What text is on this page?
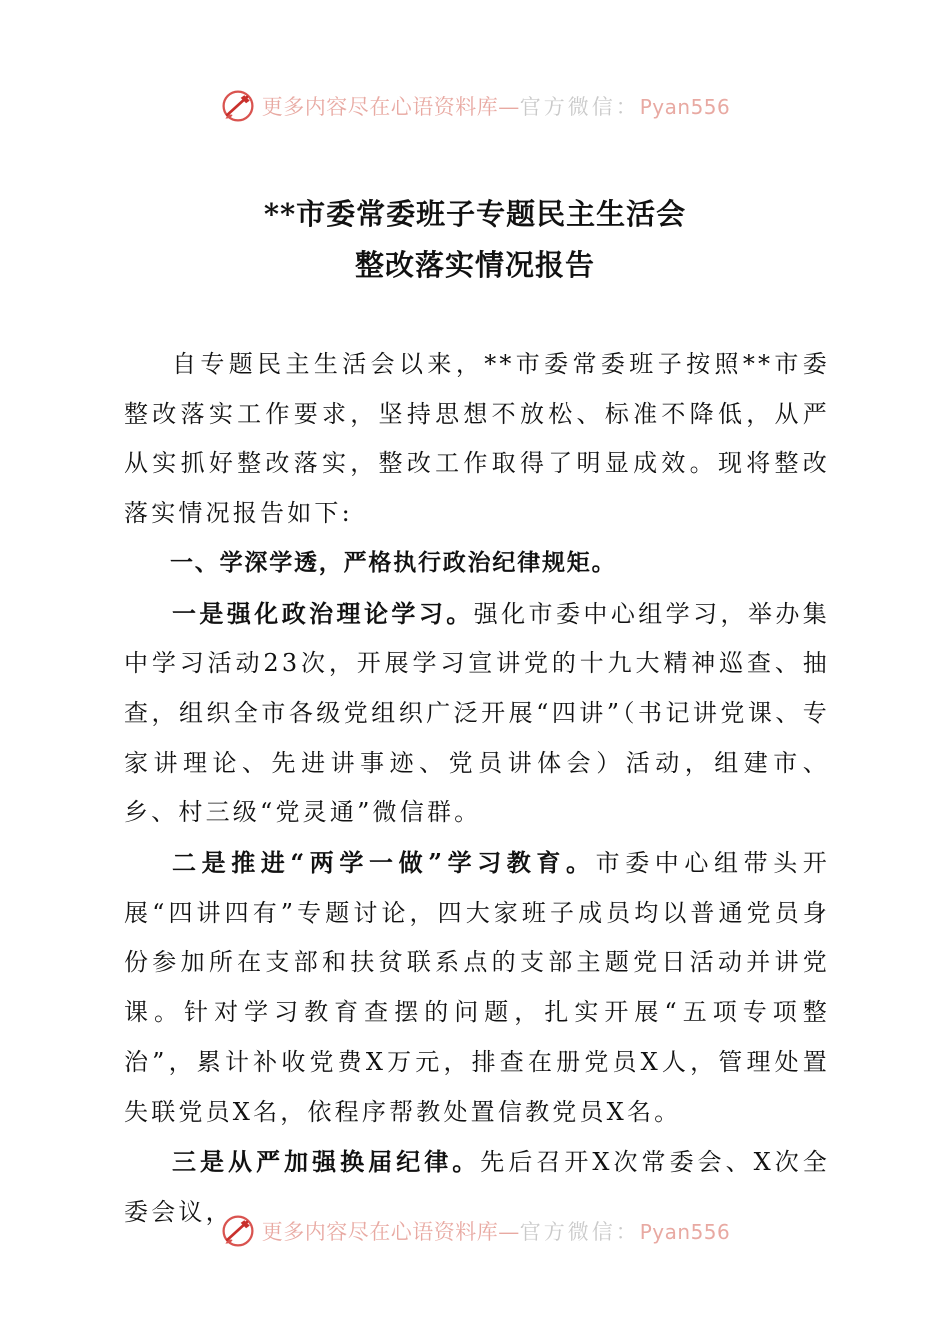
更多内容尽在心语资料库—官方微信：Pyan556
**市委常委班子专题民主生活会
整改落实情况报告

自专题民主生活会以来，**市委常委班子按照**市委整改落实工作要求，坚持思想不放松、标准不降低，从严从实抓好整改落实，整改工作取得了明显成效。现将整改落实情况报告如下:

一、学深学透，严格执行政治纪律规矩。

一是强化政治理论学习。强化市委中心组学习，举办集中学习活动23次，开展学习宣讲党的十九大精神巡查、抽查，组织全市各级党组织广泛开展“四讲”（书记讲党课、专家讲理论、先进讲事迹、党员讲体会）活动，组建市、乡、村三级“党灵通”微信群。

二是推进“两学一做”学习教育。市委中心组带头开展“四讲四有”专题讨论，四大家班子成员均以普通党员身份参加所在支部和扶贫联系点的支部主题党日活动并讲党课。针对学习教育查摆的问题，扎实开展“五项专项整治”，累计补收党费X万元，排查在册党员X人，管理处置失联党员X名，依程序帮教处置信教党员X名。

三是从严加强换届纪律。先后召开X次常委会、X次全委会议，

更多内容尽在心语资料库—官方微信：Pyan556
